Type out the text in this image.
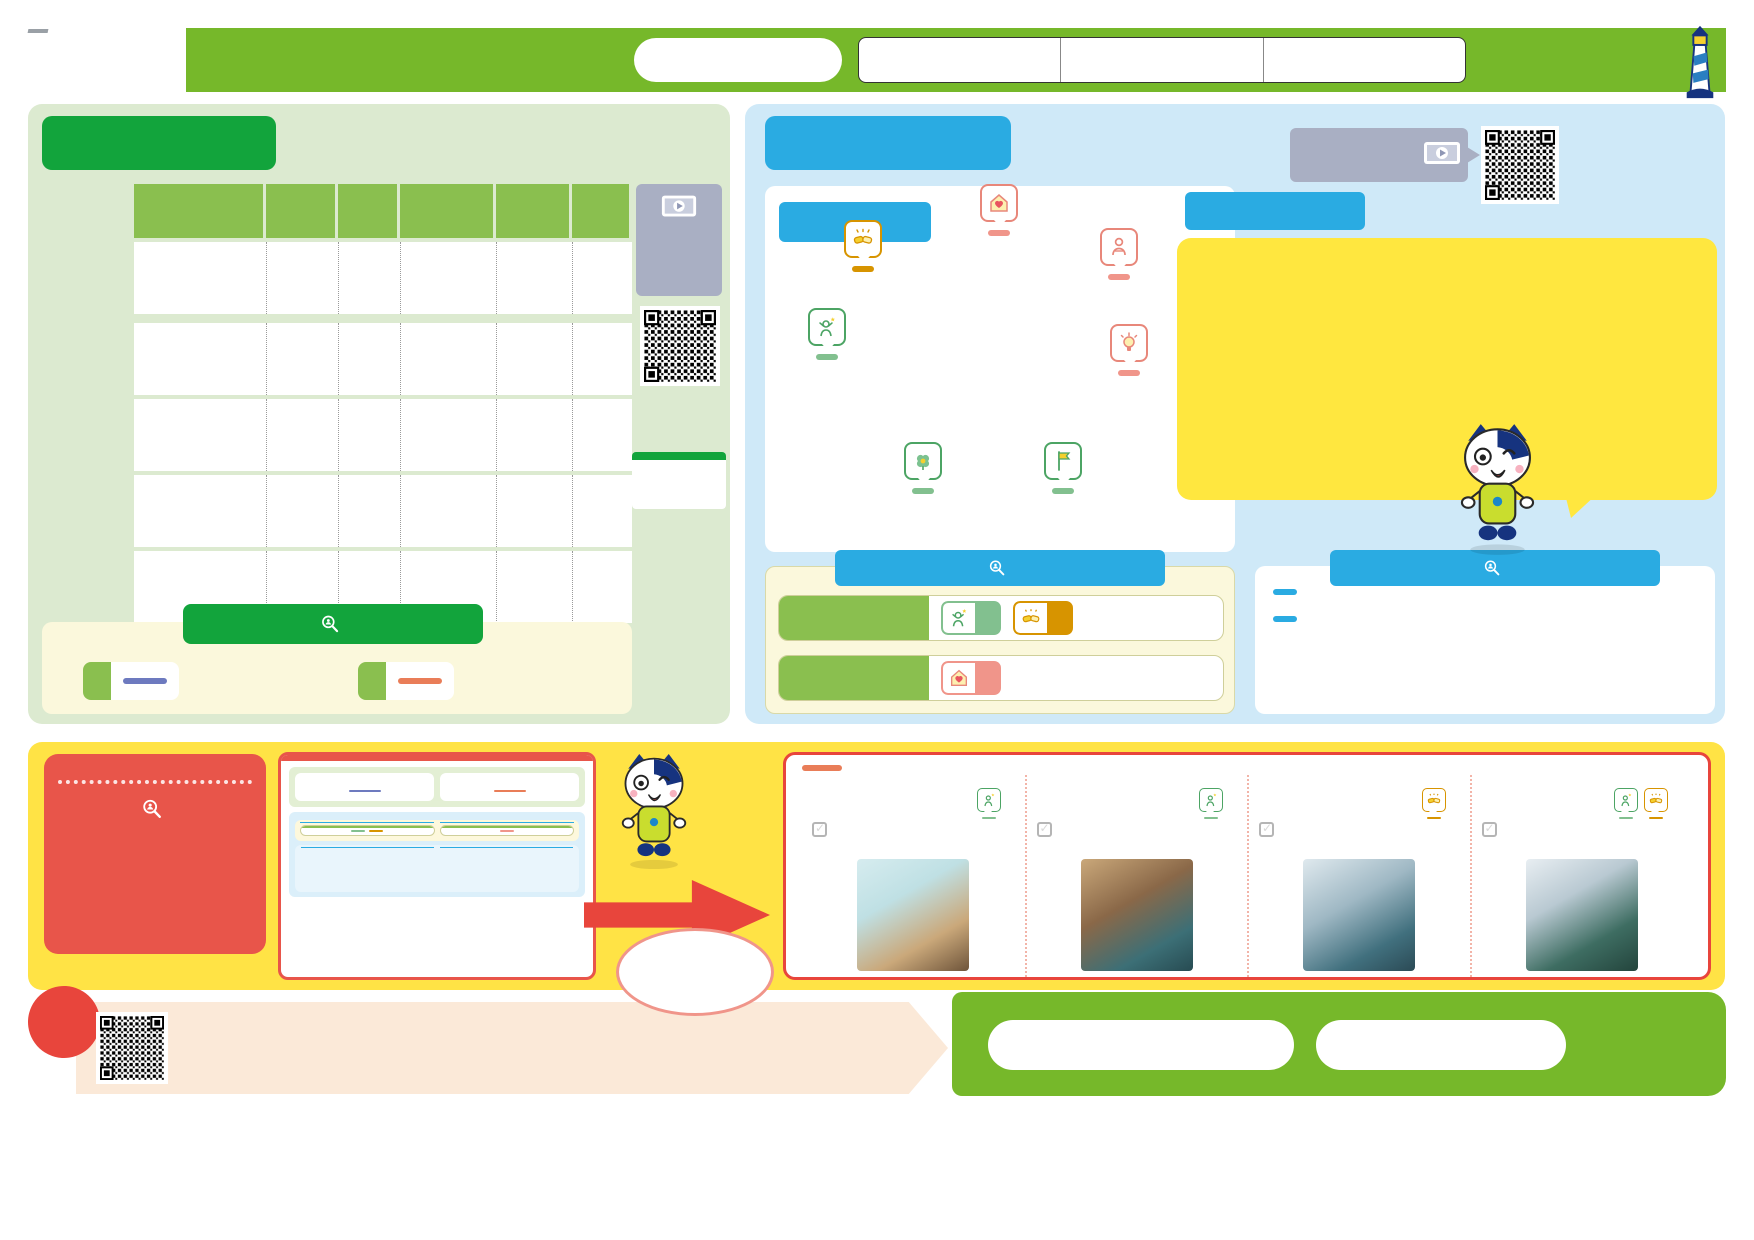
✓
✓
✓
✓
